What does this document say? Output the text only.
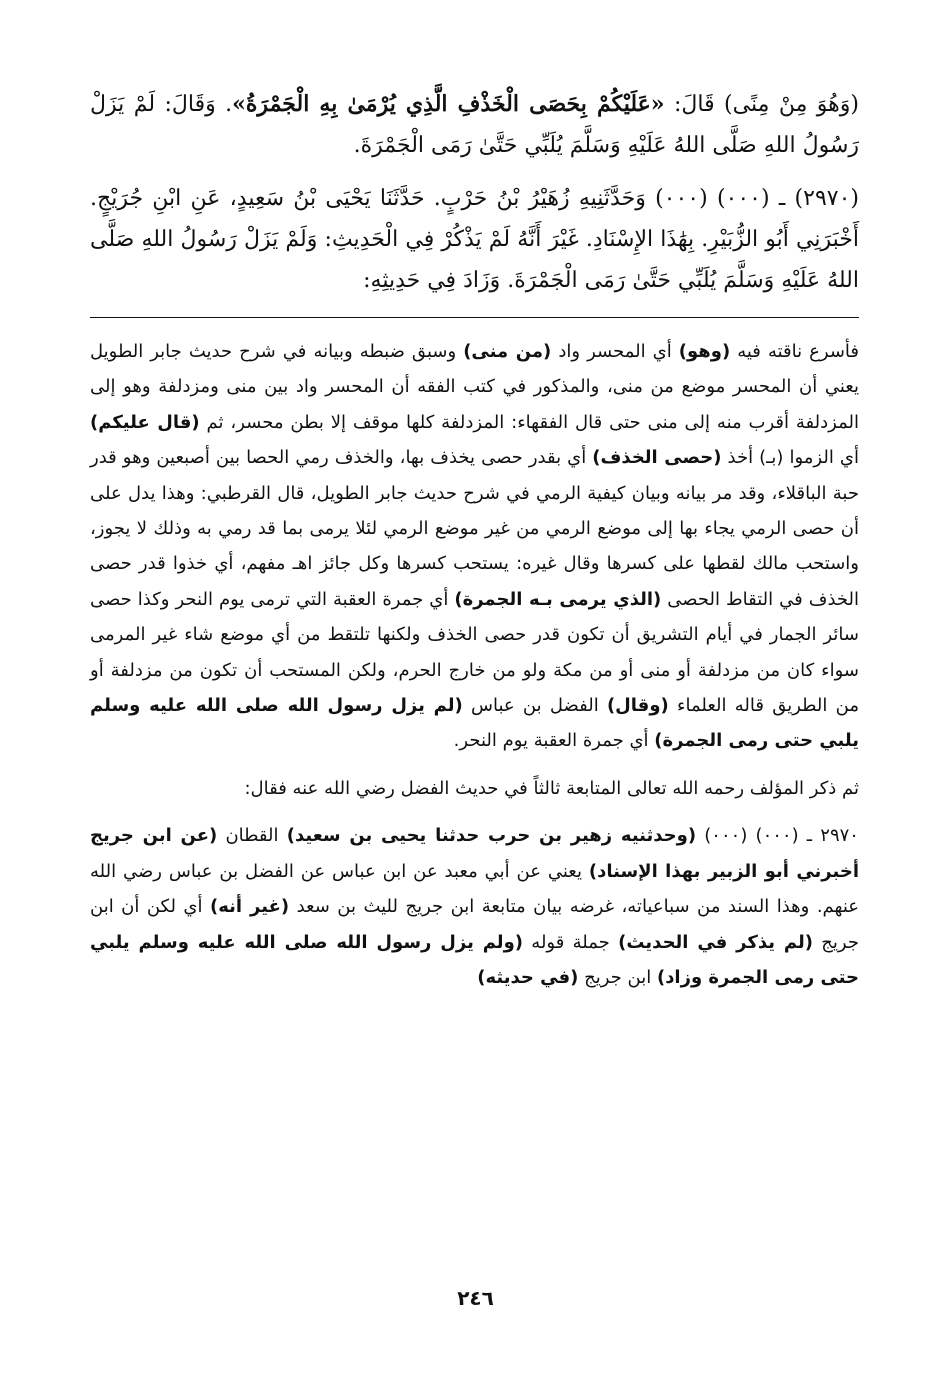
(وَهُوَ مِنْ مِنًى) قَالَ: «عَلَيْكُمْ بِحَصَى الْخَذْفِ الَّذِي يُرْمَىٰ بِهِ الْجَمْرَةُ». وَقَالَ: لَمْ يَزَلْ رَسُولُ اللهِ صَلَّى اللهُ عَلَيْهِ وَسَلَّمَ يُلَبِّي حَتَّىٰ رَمَى الْجَمْرَةَ.

(٢٩٧٠) ـ (٠٠٠) (٠٠٠) وَحَدَّثَنِيهِ زُهَيْرُ بْنُ حَرْبٍ. حَدَّثَنَا يَحْيَى بْنُ سَعِيدٍ، عَنِ ابْنِ جُرَيْجٍ. أَخْبَرَنِي أَبُو الزُّبَيْرِ. بِهَٰذَا الإِسْنَادِ. غَيْرَ أَنَّهُ لَمْ يَذْكُرْ فِي الْحَدِيثِ: وَلَمْ يَزَلْ رَسُولُ اللهِ صَلَّى اللهُ عَلَيْهِ وَسَلَّمَ يُلَبِّي حَتَّىٰ رَمَى الْجَمْرَةَ. وَزَادَ فِي حَدِيثِهِ:

فأسرع ناقته فيه (وهو) أي المحسر واد (من منى) وسبق ضبطه وبيانه في شرح حديث جابر الطويل يعني أن المحسر موضع من منى، والمذكور في كتب الفقه أن المحسر واد بين منى ومزدلفة وهو إلى المزدلفة أقرب منه إلى منى حتى قال الفقهاء: المزدلفة كلها موقف إلا بطن محسر، ثم (قال عليكم) أي الزموا (بـ) أخذ (حصى الخذف) أي بقدر حصى يخذف بها، والخذف رمي الحصا بين أصبعين وهو قدر حبة الباقلاء، وقد مر بيانه وبيان كيفية الرمي في شرح حديث جابر الطويل، قال القرطبي: وهذا يدل على أن حصى الرمي يجاء بها إلى موضع الرمي من غير موضع الرمي لئلا يرمى بما قد رمي به وذلك لا يجوز، واستحب مالك لقطها على كسرها وقال غيره: يستحب كسرها وكل جائز اهـ مفهم، أي خذوا قدر حصى الخذف في التقاط الحصى (الذي يرمى بـه الجمرة) أي جمرة العقبة التي ترمى يوم النحر وكذا حصى سائر الجمار في أيام التشريق أن تكون قدر حصى الخذف ولكنها تلتقط من أي موضع شاء غير المرمى سواء كان من مزدلفة أو منى أو من مكة ولو من خارج الحرم، ولكن المستحب أن تكون من مزدلفة أو من الطريق قاله العلماء (وقال) الفضل بن عباس (لم يزل رسول الله صلى الله عليه وسلم يلبي حتى رمى الجمرة) أي جمرة العقبة يوم النحر.

ثم ذكر المؤلف رحمه الله تعالى المتابعة ثالثاً في حديث الفضل رضي الله عنه فقال:

٢٩٧٠ ـ (٠٠٠) (٠٠٠) (وحدثنيه زهير بن حرب حدثنا يحيى بن سعيد) القطان (عن ابن جريج أخبرني أبو الزبير بهذا الإسناد) يعني عن أبي معبد عن ابن عباس عن الفضل بن عباس رضي الله عنهم. وهذا السند من سباعياته، غرضه بيان متابعة ابن جريج لليث بن سعد (غير أنه) أي لكن أن ابن جريج (لم يذكر في الحديث) جملة قوله (ولم يزل رسول الله صلى الله عليه وسلم يلبي حتى رمى الجمرة وزاد) ابن جريج (في حديثه)

٢٤٦
